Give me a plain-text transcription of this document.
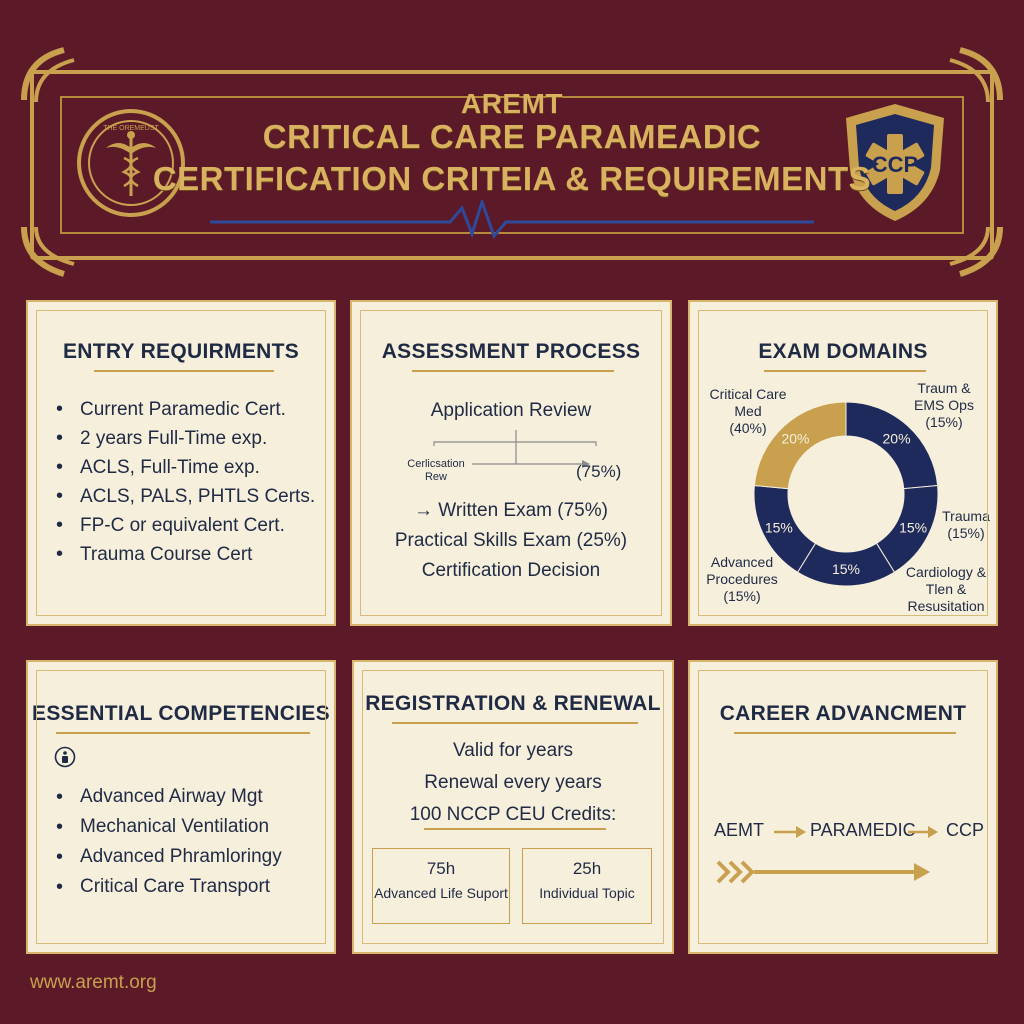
THE OREMEUST
CCP
AREMT
CRITICAL CARE PARAMEADIC
CERTIFICATION CRITEIA & REQUIREMENTS
ENTRY REQUIRMENTS
• Current Paramedic Cert.
• 2 years Full-Time exp.
• ACLS, Full-Time exp.
• ACLS, PALS, PHTLS Certs.
• FP-C or equivalent Cert.
• Trauma Course Cert
ASSESSMENT PROCESS
Application Review
Cerlicsation
Rew	(75%)
→ Written Exam (75%)
Practical Skills Exam (25%)
Certification Decision
EXAM DOMAINS
20%
15%
15%
15%
20%
Critical Care
Med
(40%)
Traum &
EMS Ops
(15%)
Trauma
(15%)
Cardiology &
Tlen &
Resusitation
Advanced
Procedures
(15%)
ESSENTIAL COMPETENCIES
• Advanced Airway Mgt
• Mechanical Ventilation
• Advanced Phramloringy
• Critical Care Transport
REGISTRATION & RENEWAL
Valid for years
Renewal every years
100 NCCP CEU Credits:
75h
Advanced Life Suport
25h
Individual Topic
CAREER ADVANCMENT
AEMT	PARAMEDIC CCP
www.aremt.org
